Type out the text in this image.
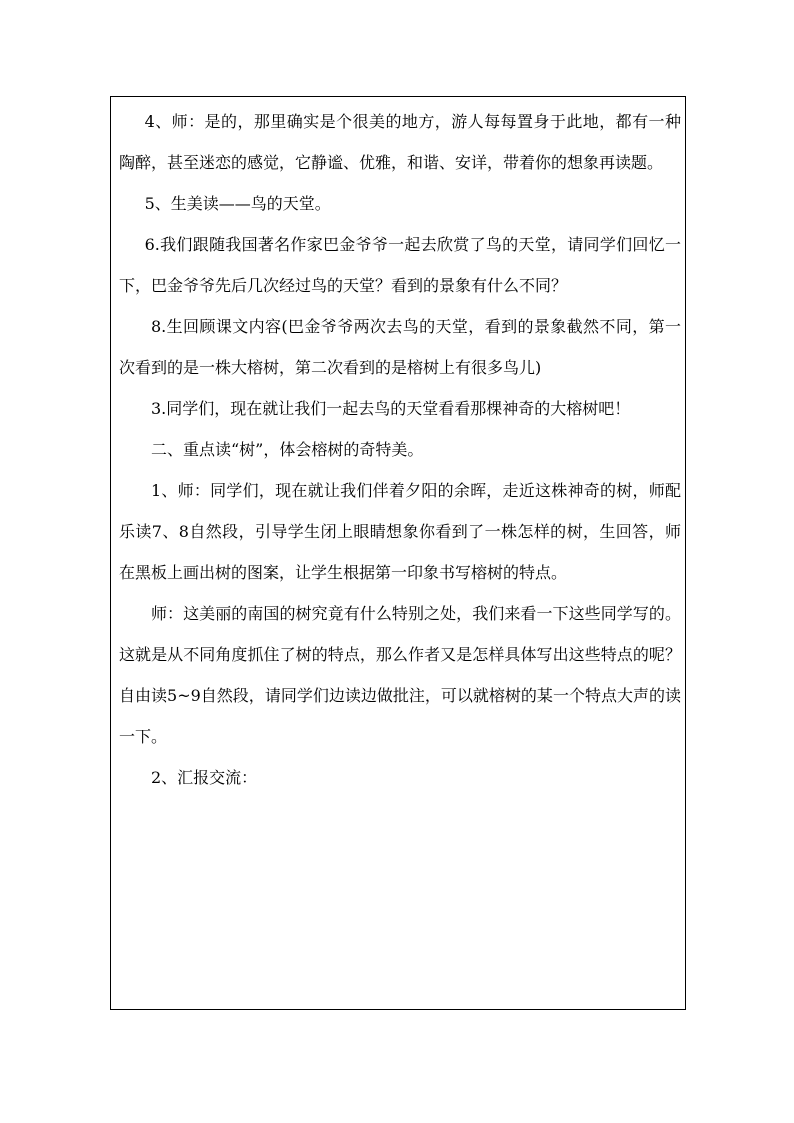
4、师：是的，那里确实是个很美的地方，游人每每置身于此地，都有一种陶醉，甚至迷恋的感觉，它静谧、优雅，和谐、安详，带着你的想象再读题。

5、生美读——鸟的天堂。

6.我们跟随我国著名作家巴金爷爷一起去欣赏了鸟的天堂，请同学们回忆一下，巴金爷爷先后几次经过鸟的天堂？看到的景象有什么不同？

8.生回顾课文内容(巴金爷爷两次去鸟的天堂，看到的景象截然不同，第一次看到的是一株大榕树，第二次看到的是榕树上有很多鸟儿)

3.同学们，现在就让我们一起去鸟的天堂看看那棵神奇的大榕树吧！

二、重点读“树”，体会榕树的奇特美。

1、师：同学们，现在就让我们伴着夕阳的余晖，走近这株神奇的树，师配乐读7、8自然段，引导学生闭上眼睛想象你看到了一株怎样的树，生回答，师在黑板上画出树的图案，让学生根据第一印象书写榕树的特点。

师：这美丽的南国的树究竟有什么特别之处，我们来看一下这些同学写的。这就是从不同角度抓住了树的特点，那么作者又是怎样具体写出这些特点的呢？自由读5~9自然段，请同学们边读边做批注，可以就榕树的某一个特点大声的读一下。

2、汇报交流：
